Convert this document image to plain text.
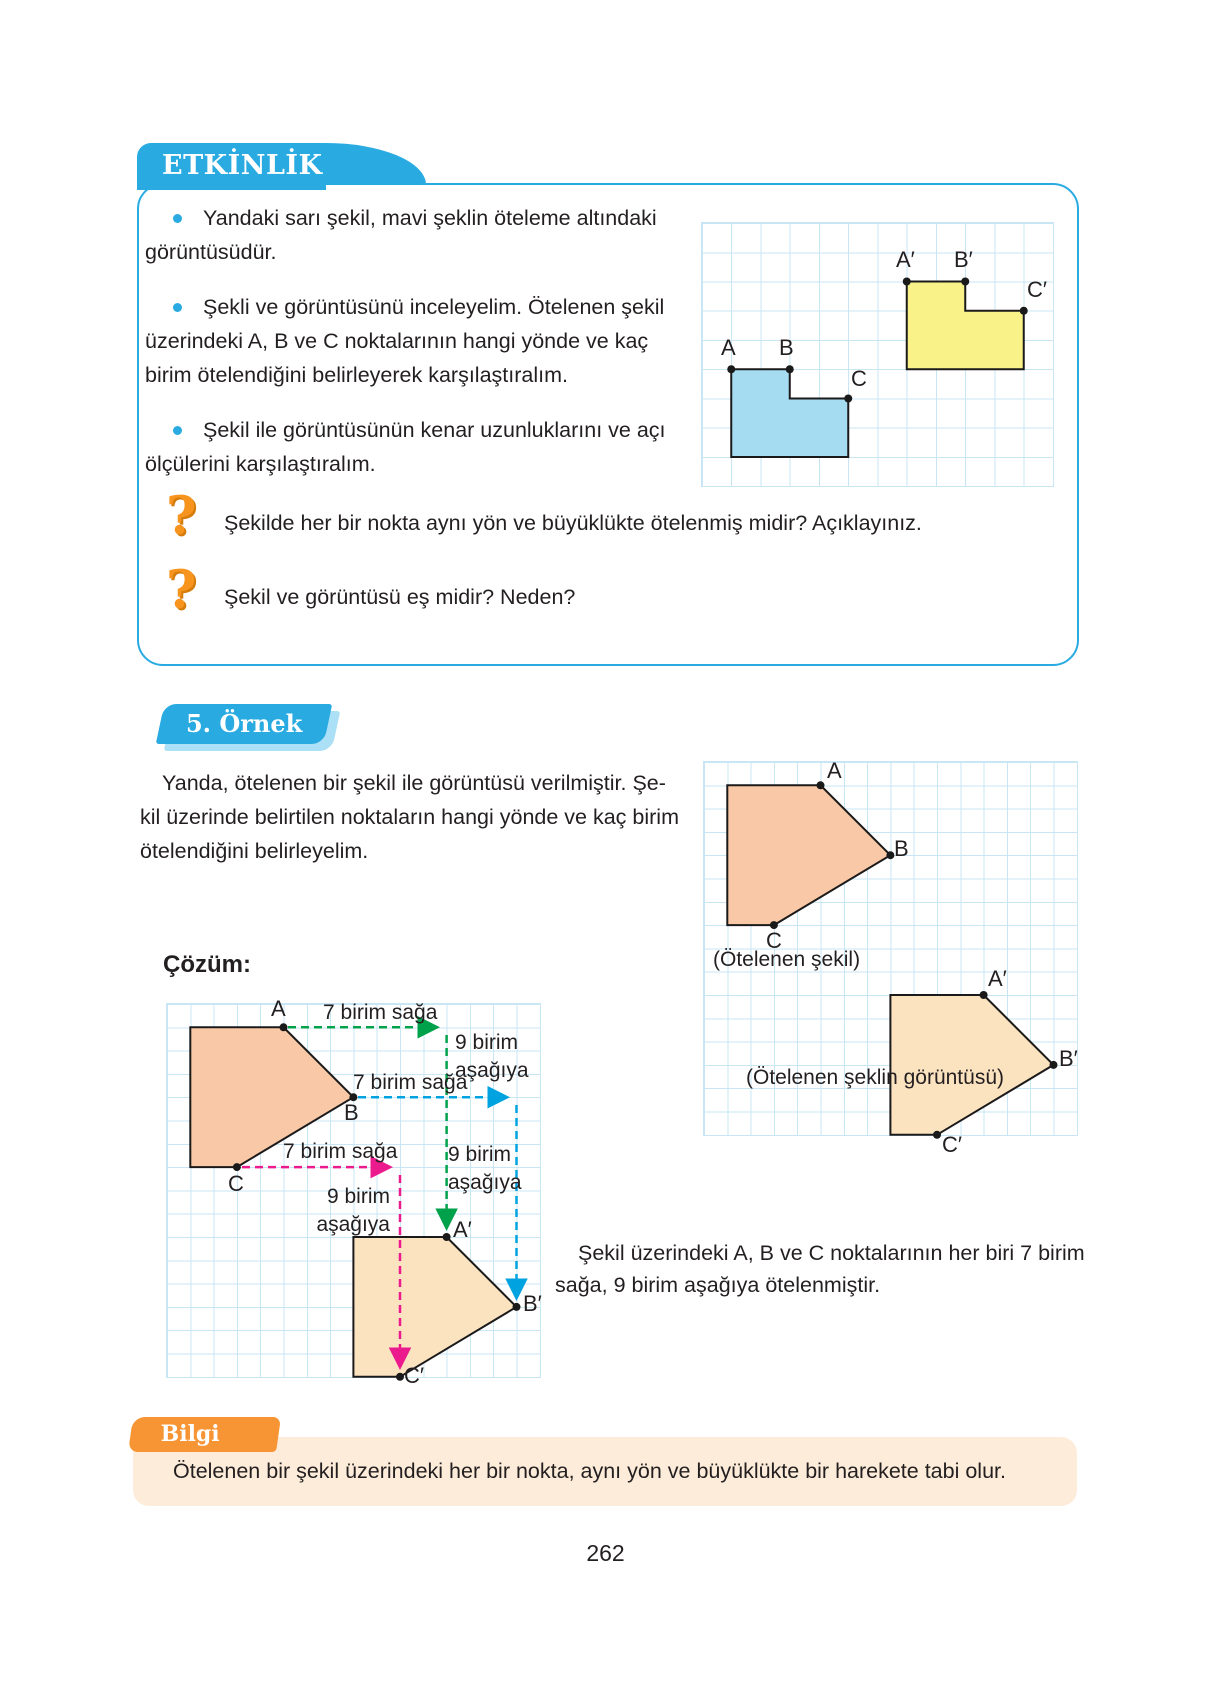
ETKİNLİK
Yandaki sarı şekil, mavi şeklin öteleme altındaki
görüntüsüdür.
Şekli ve görüntüsünü inceleyelim. Ötelenen şekil
üzerindeki A, B ve C noktalarının hangi yönde ve kaç
birim ötelendiğini belirleyerek karşılaştıralım.
Şekil ile görüntüsünün kenar uzunluklarını ve açı
ölçülerini karşılaştıralım.
A B
C
A′ B′
C′
? Şekilde her bir nokta aynı yön ve büyüklükte ötelenmiş midir? Açıklayınız.
? Şekil ve görüntüsü eş midir? Neden?
5. Örnek
Yanda, ötelenen bir şekil ile görüntüsü verilmiştir. Şe-
kil üzerinde belirtilen noktaların hangi yönde ve kaç birim
ötelendiğini belirleyelim.
A
B
C
(Ötelenen şekil)
A′
B′
C′
(Ötelenen şeklin görüntüsü)
Çözüm:
A 7 birim sağa
9 birim
aşağıya
7 birim sağa
B
7 birim sağa 9 birim
aşağıya
C
9 birim
aşağıya	A′
B′
C′
Şekil üzerindeki A, B ve C noktalarının her biri 7 birim
sağa, 9 birim aşağıya ötelenmiştir.
Bilgi
Ötelenen bir şekil üzerindeki her bir nokta, aynı yön ve büyüklükte bir harekete tabi olur.
262
